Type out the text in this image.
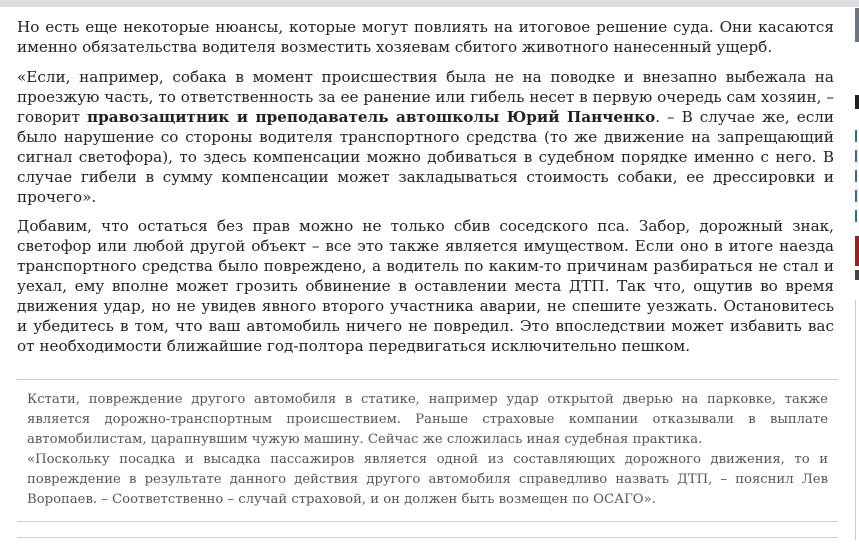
Но есть еще некоторые нюансы, которые могут повлиять на итоговое решение суда. Они касаются именно обязательства водителя возместить хозяевам сбитого животного нанесенный ущерб.

«Если, например, собака в момент происшествия была не на поводке и внезапно выбежала на проезжую часть, то ответственность за ее ранение или гибель несет в первую очередь сам хозяин, – говорит правозащитник и преподаватель автошколы Юрий Панченко. – В случае же, если было нарушение со стороны водителя транспортного средства (то же движение на запрещающий сигнал светофора), то здесь компенсации можно добиваться в судебном порядке именно с него. В случае гибели в сумму компенсации может закладываться стоимость собаки, ее дрессировки и прочего».

Добавим, что остаться без прав можно не только сбив соседского пса. Забор, дорожный знак, светофор или любой другой объект – все это также является имуществом. Если оно в итоге наезда транспортного средства было повреждено, а водитель по каким-то причинам разбираться не стал и уехал, ему вполне может грозить обвинение в оставлении места ДТП. Так что, ощутив во время движения удар, но не увидев явного второго участника аварии, не спешите уезжать. Остановитесь и убедитесь в том, что ваш автомобиль ничего не повредил. Это впоследствии может избавить вас от необходимости ближайшие год-полтора передвигаться исключительно пешком.

Кстати, повреждение другого автомобиля в статике, например удар открытой дверью на парковке, также является дорожно-транспортным происшествием. Раньше страховые компании отказывали в выплате автомобилистам, царапнувшим чужую машину. Сейчас же сложилась иная судебная практика.

«Поскольку посадка и высадка пассажиров является одной из составляющих дорожного движения, то и повреждение в результате данного действия другого автомобиля справедливо назвать ДТП, – пояснил Лев Воропаев. – Соответственно – случай страховой, и он должен быть возмещен по ОСАГО».
